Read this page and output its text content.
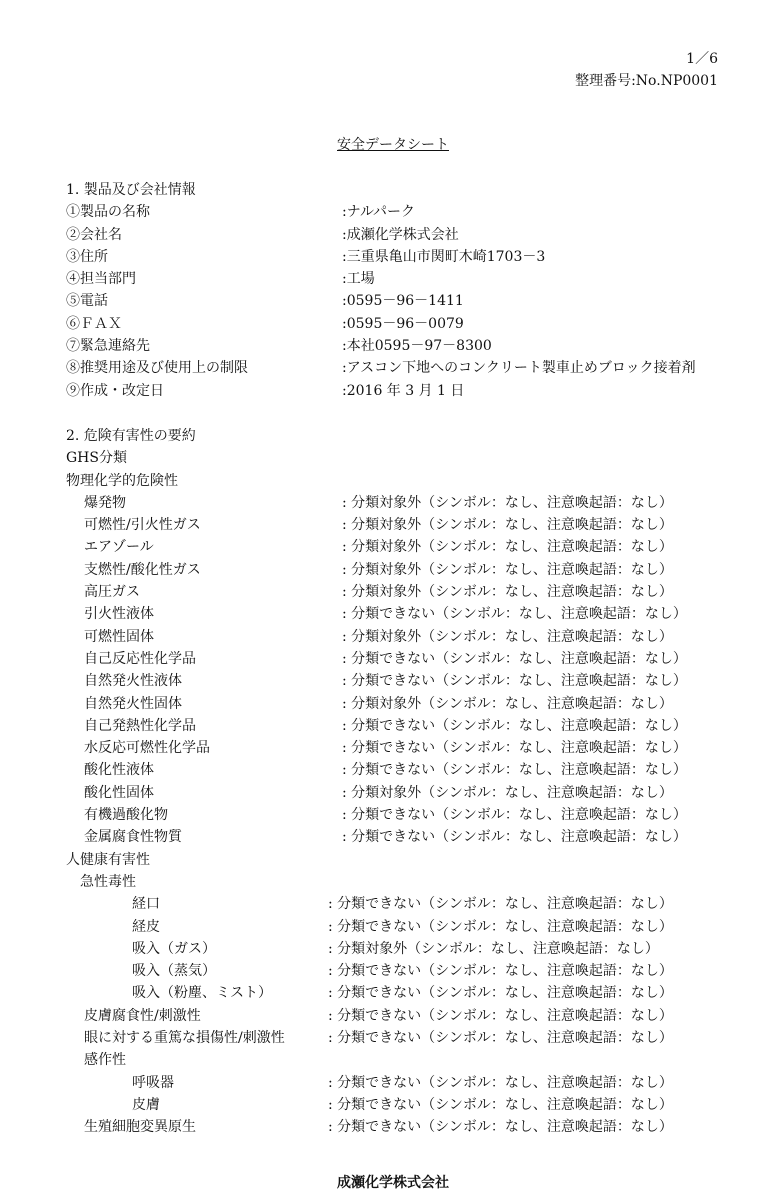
1／6
整理番号:No.NP0001
安全データシート
1. 製品及び会社情報
①製品の名称	:ナルパーク
②会社名	:成瀬化学株式会社
③住所	:三重県亀山市関町木崎1703－3
④担当部門	:工場
⑤電話	:0595－96－1411
⑥ＦＡＸ	:0595－96－0079
⑦緊急連絡先	:本社0595－97－8300
⑧推奨用途及び使用上の制限	:アスコン下地へのコンクリート製車止めブロック接着剤
⑨作成・改定日	:2016 年 3 月 1 日
2. 危険有害性の要約
GHS分類
物理化学的危険性
爆発物	: 分類対象外（シンボル：なし、注意喚起語：なし）
可燃性/引火性ガス	: 分類対象外（シンボル：なし、注意喚起語：なし）
エアゾール	: 分類対象外（シンボル：なし、注意喚起語：なし）
支燃性/酸化性ガス	: 分類対象外（シンボル：なし、注意喚起語：なし）
高圧ガス	: 分類対象外（シンボル：なし、注意喚起語：なし）
引火性液体	: 分類できない（シンボル：なし、注意喚起語：なし）
可燃性固体	: 分類対象外（シンボル：なし、注意喚起語：なし）
自己反応性化学品	: 分類できない（シンボル：なし、注意喚起語：なし）
自然発火性液体	: 分類できない（シンボル：なし、注意喚起語：なし）
自然発火性固体	: 分類対象外（シンボル：なし、注意喚起語：なし）
自己発熱性化学品	: 分類できない（シンボル：なし、注意喚起語：なし）
水反応可燃性化学品	: 分類できない（シンボル：なし、注意喚起語：なし）
酸化性液体	: 分類できない（シンボル：なし、注意喚起語：なし）
酸化性固体	: 分類対象外（シンボル：なし、注意喚起語：なし）
有機過酸化物	: 分類できない（シンボル：なし、注意喚起語：なし）
金属腐食性物質	: 分類できない（シンボル：なし、注意喚起語：なし）
人健康有害性
急性毒性
経口	: 分類できない（シンボル：なし、注意喚起語：なし）
経皮	: 分類できない（シンボル：なし、注意喚起語：なし）
吸入（ガス）	: 分類対象外（シンボル：なし、注意喚起語：なし）
吸入（蒸気）	: 分類できない（シンボル：なし、注意喚起語：なし）
吸入（粉塵、ミスト）	: 分類できない（シンボル：なし、注意喚起語：なし）
皮膚腐食性/刺激性	: 分類できない（シンボル：なし、注意喚起語：なし）
眼に対する重篤な損傷性/刺激性	: 分類できない（シンボル：なし、注意喚起語：なし）
感作性
呼吸器	: 分類できない（シンボル：なし、注意喚起語：なし）
皮膚	: 分類できない（シンボル：なし、注意喚起語：なし）
生殖細胞変異原生	: 分類できない（シンボル：なし、注意喚起語：なし）
成瀬化学株式会社
